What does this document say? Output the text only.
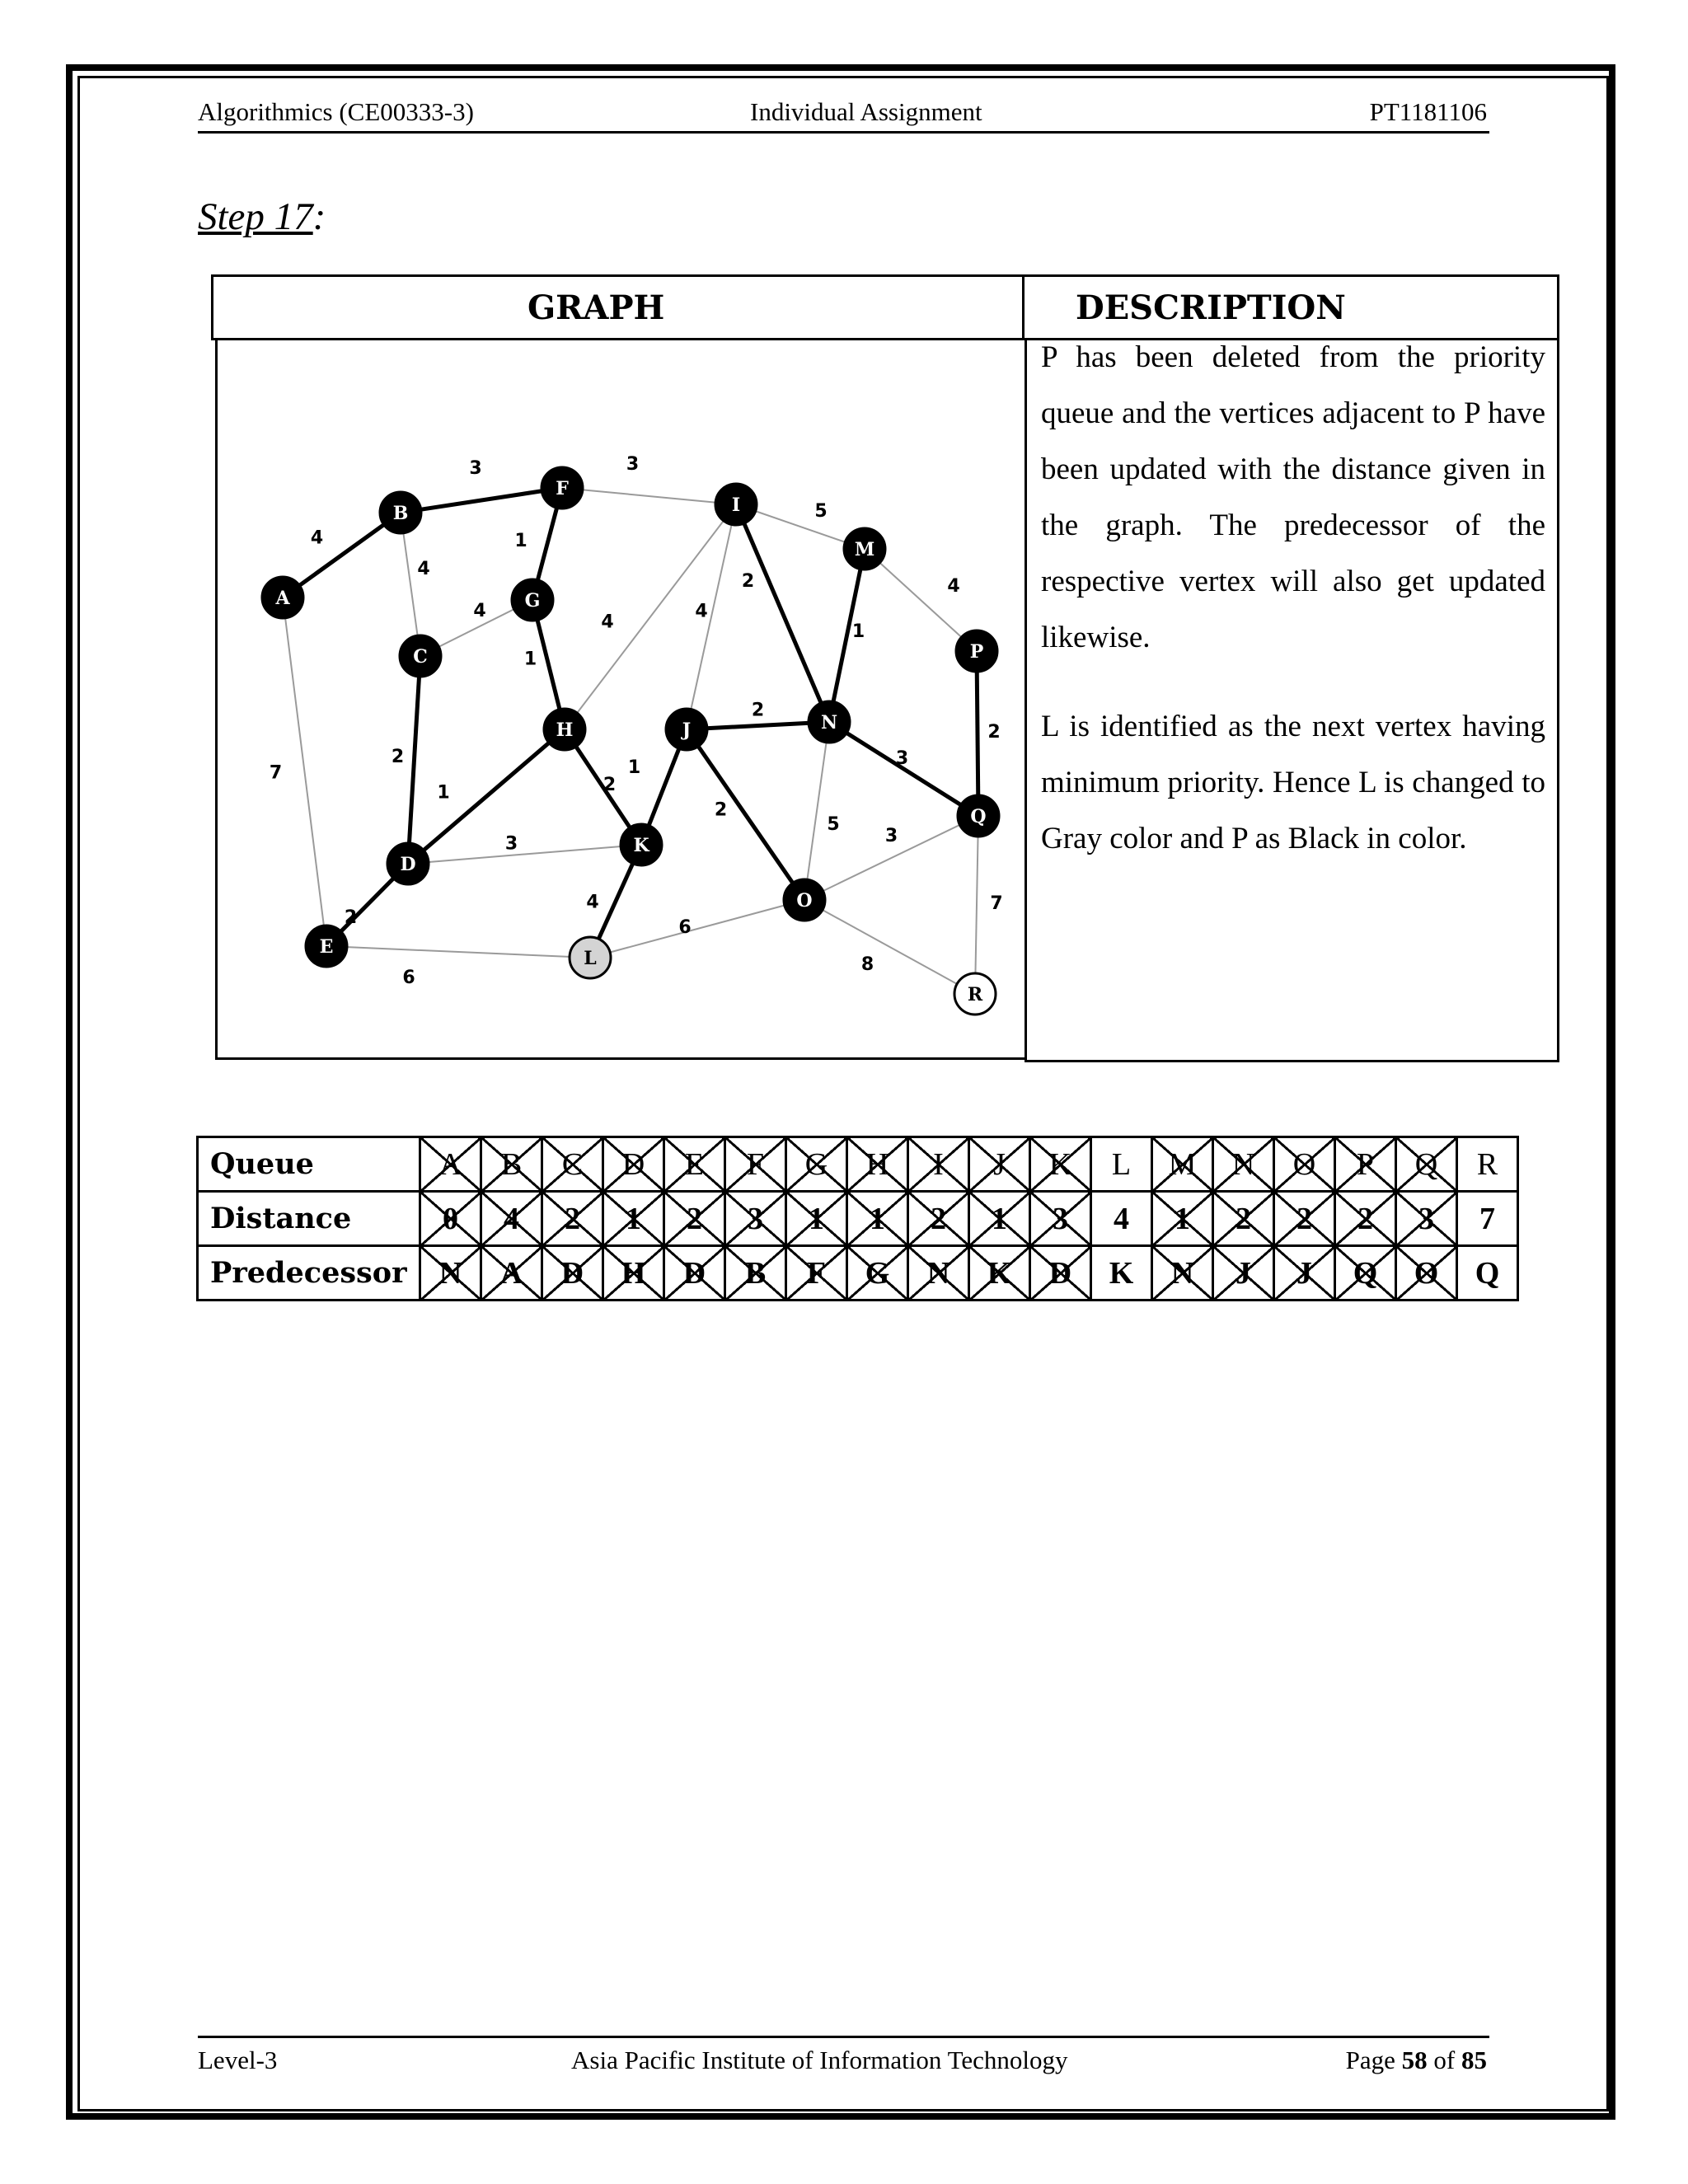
Algorithmics (CE00333-3)	Individual Assignment	PT1181106
Step 17:
GRAPH	DESCRIPTION

P has been deleted from the priority queue and the vertices adjacent to P have been updated with the distance given in the graph. The predecessor of the respective vertex will also get updated likewise.

L is identified as the next vertex having minimum priority. Hence L is changed to Gray color and P as Black in color.

4
3	3
5
4
1
4
4
1
4
4
2
1
7
2
1	2
1
2
3
2
2
5
3	3
2
4
6
6
8
7
A
B
C
D
E
F
G
H
I
J
K
L
M
N
O
P
Q
R
Queue	A	B	C	D	E	F	G	H	I	J	K	L	M	N	O	P	Q	R
Distance	0	4	2	1	2	3	1	1	2	1	3	4	1	2	2	2	3	7
Predecessor	N	A	D	H	D	B	F	G	N	K	D	K	N	J	J	Q	O	Q
Level-3	Asia Pacific Institute of Information Technology	Page 58 of 85
